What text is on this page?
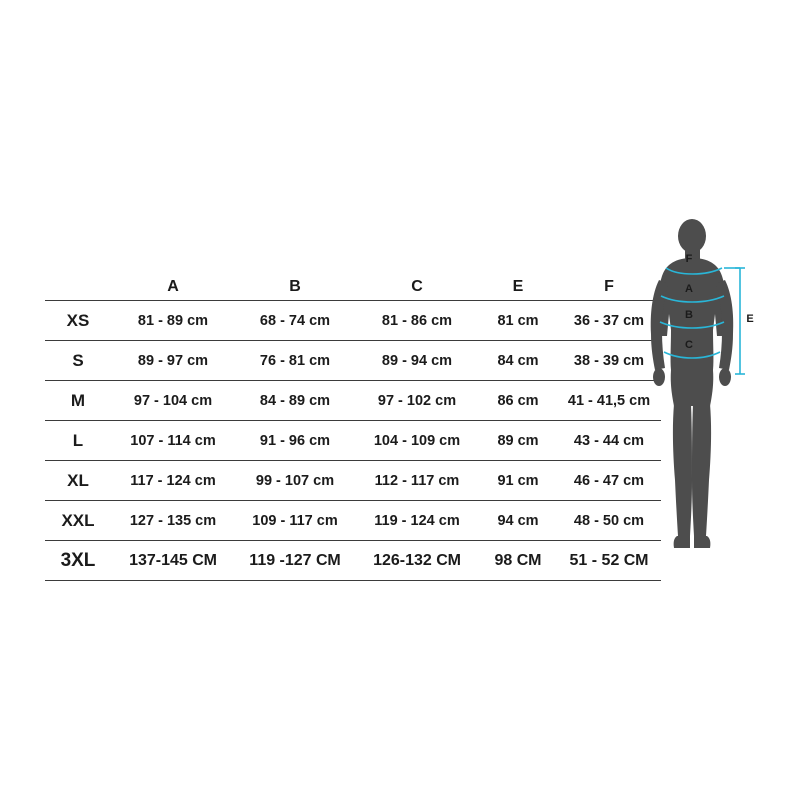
	A	B	C	E	F
XS	81 - 89 cm	68 - 74 cm	81 - 86 cm	81 cm	36 - 37 cm
S	89 - 97 cm	76 - 81 cm	89 - 94 cm	84 cm	38 - 39 cm
M	97 - 104 cm	84 - 89 cm	97 - 102 cm	86 cm	41 - 41,5 cm
L	107 - 114 cm	91 - 96 cm	104 - 109 cm	89 cm	43 - 44 cm
XL	117 - 124 cm	99 - 107 cm	112 - 117 cm	91 cm	46 - 47 cm
XXL	127 - 135 cm	109 - 117 cm	119 - 124 cm	94 cm	48 - 50 cm
3XL	137-145 СМ	119 -127 СМ	126-132 СМ	98 СМ	51 - 52 СМ
F
A
B
C
E
